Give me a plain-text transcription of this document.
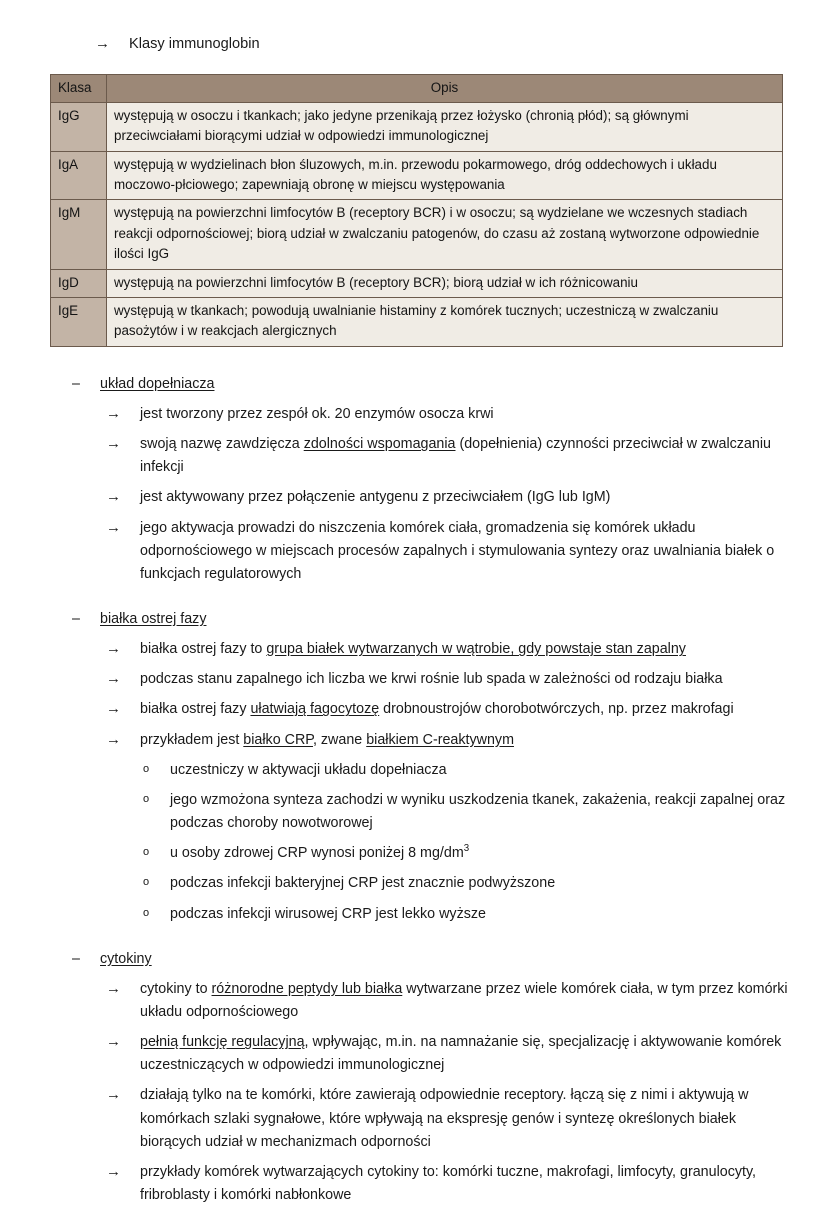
→	Klasy immunoglobin
Klasa	Opis
IgG	występują w osoczu i tkankach; jako jedyne przenikają przez łożysko (chronią płód); są głównymi przeciwciałami biorącymi udział w odpowiedzi immunologicznej
IgA	występują w wydzielinach błon śluzowych, m.in. przewodu pokarmowego, dróg oddechowych i układu moczowo-płciowego; zapewniają obronę w miejscu występowania
IgM	występują na powierzchni limfocytów B (receptory BCR) i w osoczu; są wydzielane we wczesnych stadiach reakcji odpornościowej; biorą udział w zwalczaniu patogenów, do czasu aż zostaną wytworzone odpowiednie ilości IgG
IgD	występują na powierzchni limfocytów B (receptory BCR); biorą udział w ich różnicowaniu
IgE	występują w tkankach; powodują uwalnianie histaminy z komórek tucznych; uczestniczą w zwalczaniu pasożytów i w reakcjach alergicznych
–	układ dopełniacza
→	jest tworzony przez zespół ok. 20 enzymów osocza krwi
→	swoją nazwę zawdzięcza zdolności wspomagania (dopełnienia) czynności przeciwciał w zwalczaniu infekcji
→	jest aktywowany przez połączenie antygenu z przeciwciałem (IgG lub IgM)
→	jego aktywacja prowadzi do niszczenia komórek ciała, gromadzenia się komórek układu odpornościowego w miejscach procesów zapalnych i stymulowania syntezy oraz uwalniania białek o funkcjach regulatorowych
–	białka ostrej fazy
→	białka ostrej fazy to grupa białek wytwarzanych w wątrobie, gdy powstaje stan zapalny
→	podczas stanu zapalnego ich liczba we krwi rośnie lub spada w zależności od rodzaju białka
→	białka ostrej fazy ułatwiają fagocytozę drobnoustrojów chorobotwórczych, np. przez makrofagi
→	przykładem jest białko CRP, zwane białkiem C-reaktywnym
o	uczestniczy w aktywacji układu dopełniacza
o	jego wzmożona synteza zachodzi w wyniku uszkodzenia tkanek, zakażenia, reakcji zapalnej oraz podczas choroby nowotworowej
o	u osoby zdrowej CRP wynosi poniżej 8 $mg/dm^3$
o	podczas infekcji bakteryjnej CRP jest znacznie podwyższone
o	podczas infekcji wirusowej CRP jest lekko wyższe
–	cytokiny
→	cytokiny to różnorodne peptydy lub białka wytwarzane przez wiele komórek ciała, w tym przez komórki układu odpornościowego
→	pełnią funkcję regulacyjną, wpływając, m.in. na namnażanie się, specjalizację i aktywowanie komórek uczestniczących w odpowiedzi immunologicznej
→	działają tylko na te komórki, które zawierają odpowiednie receptory. łączą się z nimi i aktywują w komórkach szlaki sygnałowe, które wpływają na ekspresję genów i syntezę określonych białek biorących udział w mechanizmach odporności
→	przykłady komórek wytwarzających cytokiny to: komórki tuczne, makrofagi, limfocyty, granulocyty, fribroblasty i komórki nabłonkowe
